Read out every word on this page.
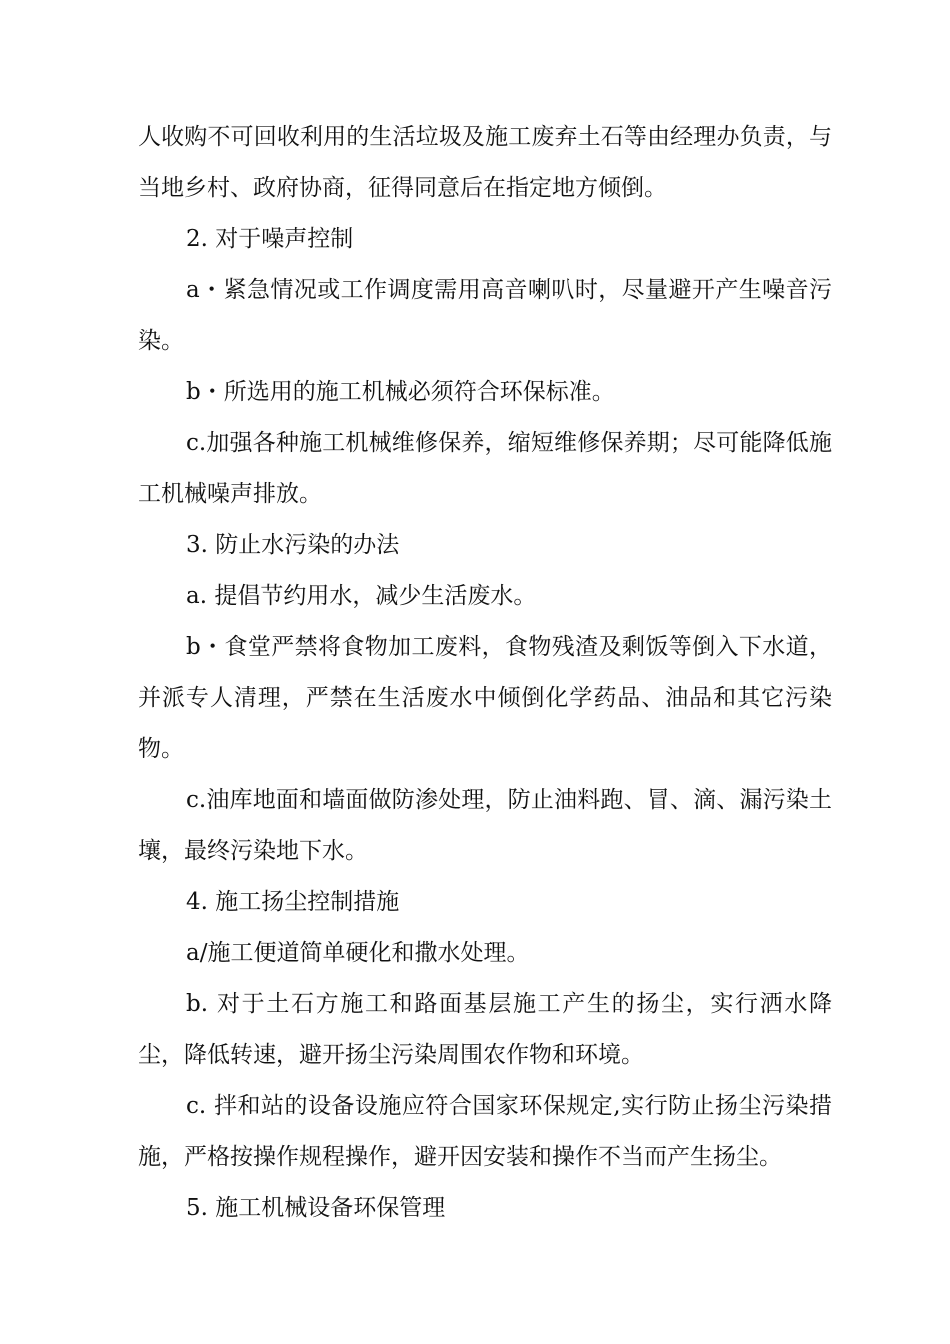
人收购不可回收利用的生活垃圾及施工废弃土石等由经理办负责，与当地乡村、政府协商，征得同意后在指定地方倾倒。

2. 对于噪声控制

a・紧急情况或工作调度需用高音喇叭时，尽量避开产生噪音污染。

b・所选用的施工机械必须符合环保标准。

c.加强各种施工机械维修保养，缩短维修保养期；尽可能降低施工机械噪声排放。

3. 防止水污染的办法

a. 提倡节约用水，减少生活废水。

b・食堂严禁将食物加工废料，食物残渣及剩饭等倒入下水道，并派专人清理，严禁在生活废水中倾倒化学药品、油品和其它污染物。

c.油库地面和墙面做防渗处理，防止油料跑、冒、滴、漏污染土壤，最终污染地下水。

4. 施工扬尘控制措施

a/施工便道简单硬化和撒水处理。

b. 对于土石方施工和路面基层施工产生的扬尘，实行洒水降尘，降低转速，避开扬尘污染周围农作物和环境。

c. 拌和站的设备设施应符合国家环保规定,实行防止扬尘污染措施，严格按操作规程操作，避开因安装和操作不当而产生扬尘。

5. 施工机械设备环保管理
